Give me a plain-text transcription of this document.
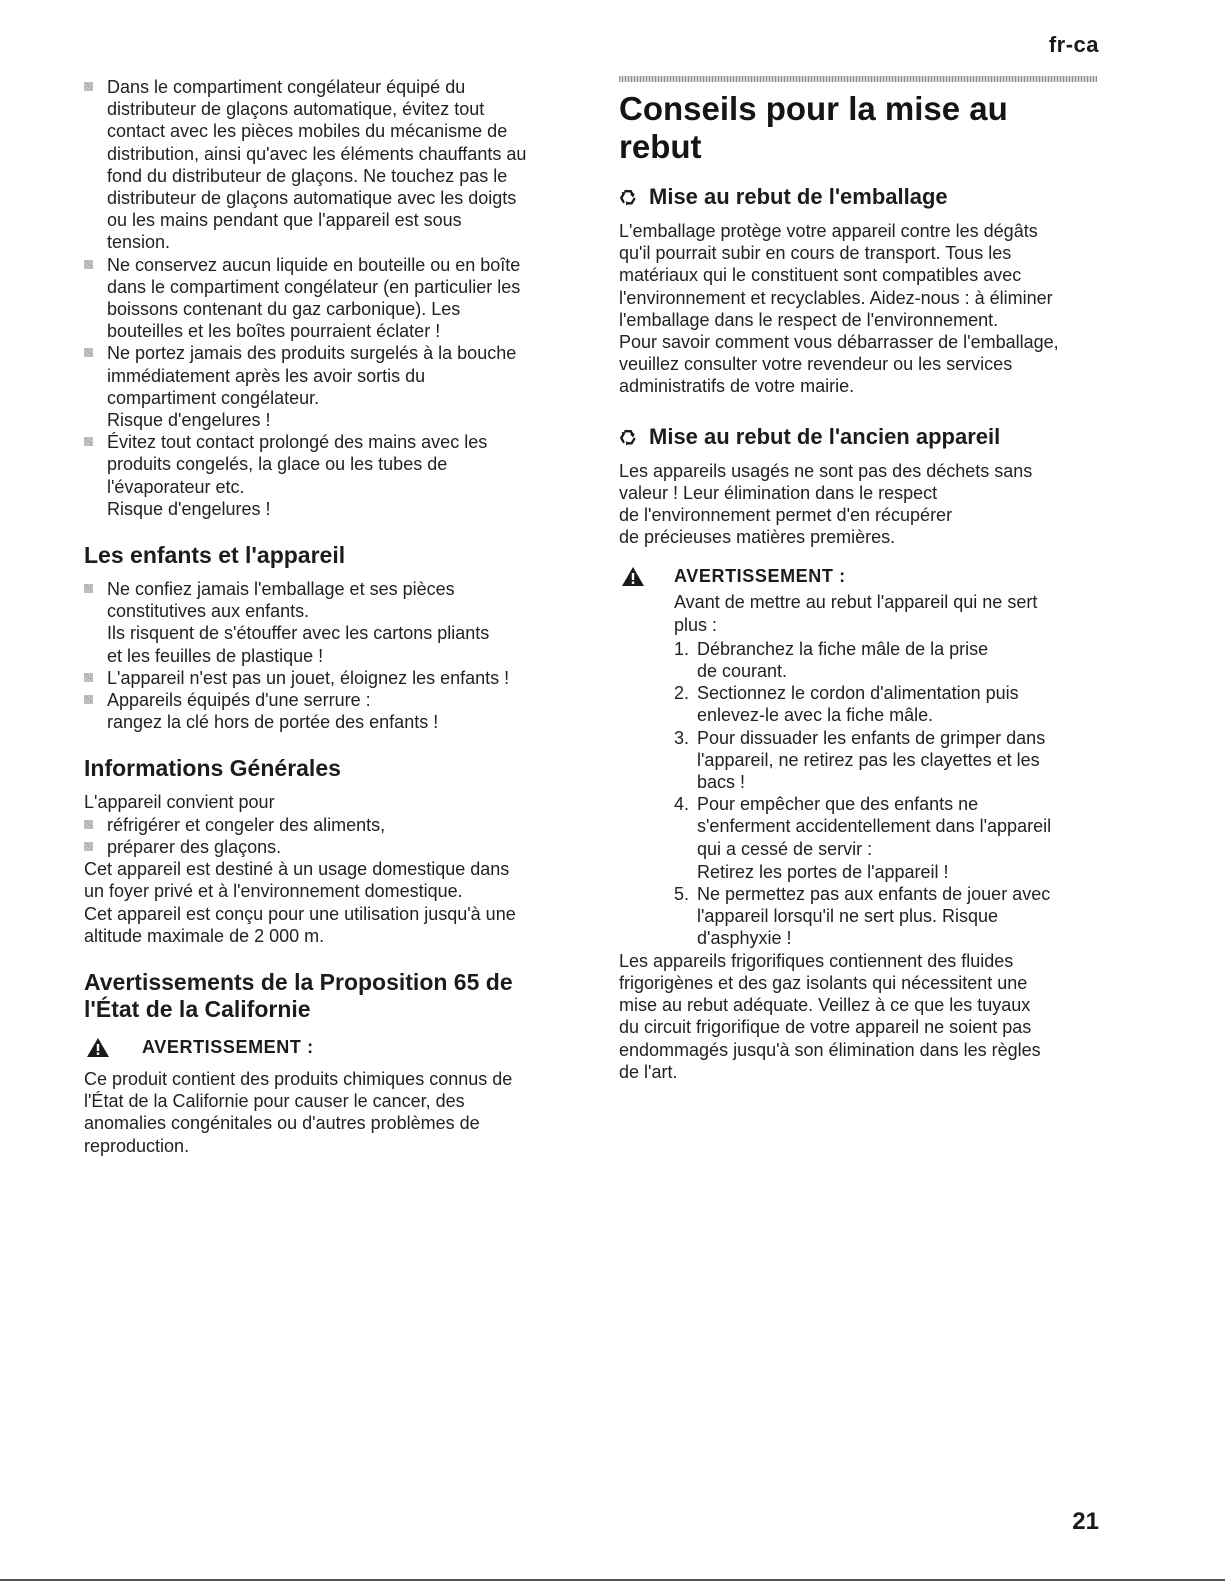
fr-ca
Dans le compartiment congélateur équipé du
distributeur de glaçons automatique, évitez tout
contact avec les pièces mobiles du mécanisme de
distribution, ainsi qu'avec les éléments chauffants au
fond du distributeur de glaçons. Ne touchez pas le
distributeur de glaçons automatique avec les doigts
ou les mains pendant que l'appareil est sous
tension.
Ne conservez aucun liquide en bouteille ou en boîte
dans le compartiment congélateur (en particulier les
boissons contenant du gaz carbonique). Les
bouteilles et les boîtes pourraient éclater !
Ne portez jamais des produits surgelés à la bouche
immédiatement après les avoir sortis du
compartiment congélateur.
Risque d'engelures !
Évitez tout contact prolongé des mains avec les
produits congelés, la glace ou les tubes de
l'évaporateur etc.
Risque d'engelures !
Les enfants et l'appareil
Ne confiez jamais l'emballage et ses pièces
constitutives aux enfants.
Ils risquent de s'étouffer avec les cartons pliants
et les feuilles de plastique !
L'appareil n'est pas un jouet, éloignez les enfants !
Appareils équipés d'une serrure :
rangez la clé hors de portée des enfants !
Informations Générales

L'appareil convient pour

réfrigérer et congeler des aliments,
préparer des glaçons.

Cet appareil est destiné à un usage domestique dans
un foyer privé et à l'environnement domestique.

Cet appareil est conçu pour une utilisation jusqu'à une
altitude maximale de 2 000 m.

Avertissements de la Proposition 65 de
l'État de la Californie
AVERTISSEMENT :

Ce produit contient des produits chimiques connus de
l'État de la Californie pour causer le cancer, des
anomalies congénitales ou d'autres problèmes de
reproduction.

Conseils pour la mise au rebut
Mise au rebut de l'emballage

L'emballage protège votre appareil contre les dégâts
qu'il pourrait subir en cours de transport. Tous les
matériaux qui le constituent sont compatibles avec
l'environnement et recyclables. Aidez-nous : à éliminer
l'emballage dans le respect de l'environnement.

Pour savoir comment vous débarrasser de l'emballage,
veuillez consulter votre revendeur ou les services
administratifs de votre mairie.

Mise au rebut de l'ancien appareil

Les appareils usagés ne sont pas des déchets sans
valeur ! Leur élimination dans le respect
de l'environnement permet d'en récupérer
de précieuses matières premières.

AVERTISSEMENT :

Avant de mettre au rebut l'appareil qui ne sert
plus :

1. Débranchez la fiche mâle de la prise
de courant.
2. Sectionnez le cordon d'alimentation puis
enlevez-le avec la fiche mâle.
3. Pour dissuader les enfants de grimper dans
l'appareil, ne retirez pas les clayettes et les
bacs !
4. Pour empêcher que des enfants ne
s'enferment accidentellement dans l'appareil
qui a cessé de servir :
Retirez les portes de l'appareil !
5. Ne permettez pas aux enfants de jouer avec
l'appareil lorsqu'il ne sert plus. Risque
d'asphyxie !

Les appareils frigorifiques contiennent des fluides
frigorigènes et des gaz isolants qui nécessitent une
mise au rebut adéquate. Veillez à ce que les tuyaux
du circuit frigorifique de votre appareil ne soient pas
endommagés jusqu'à son élimination dans les règles
de l'art.

21
